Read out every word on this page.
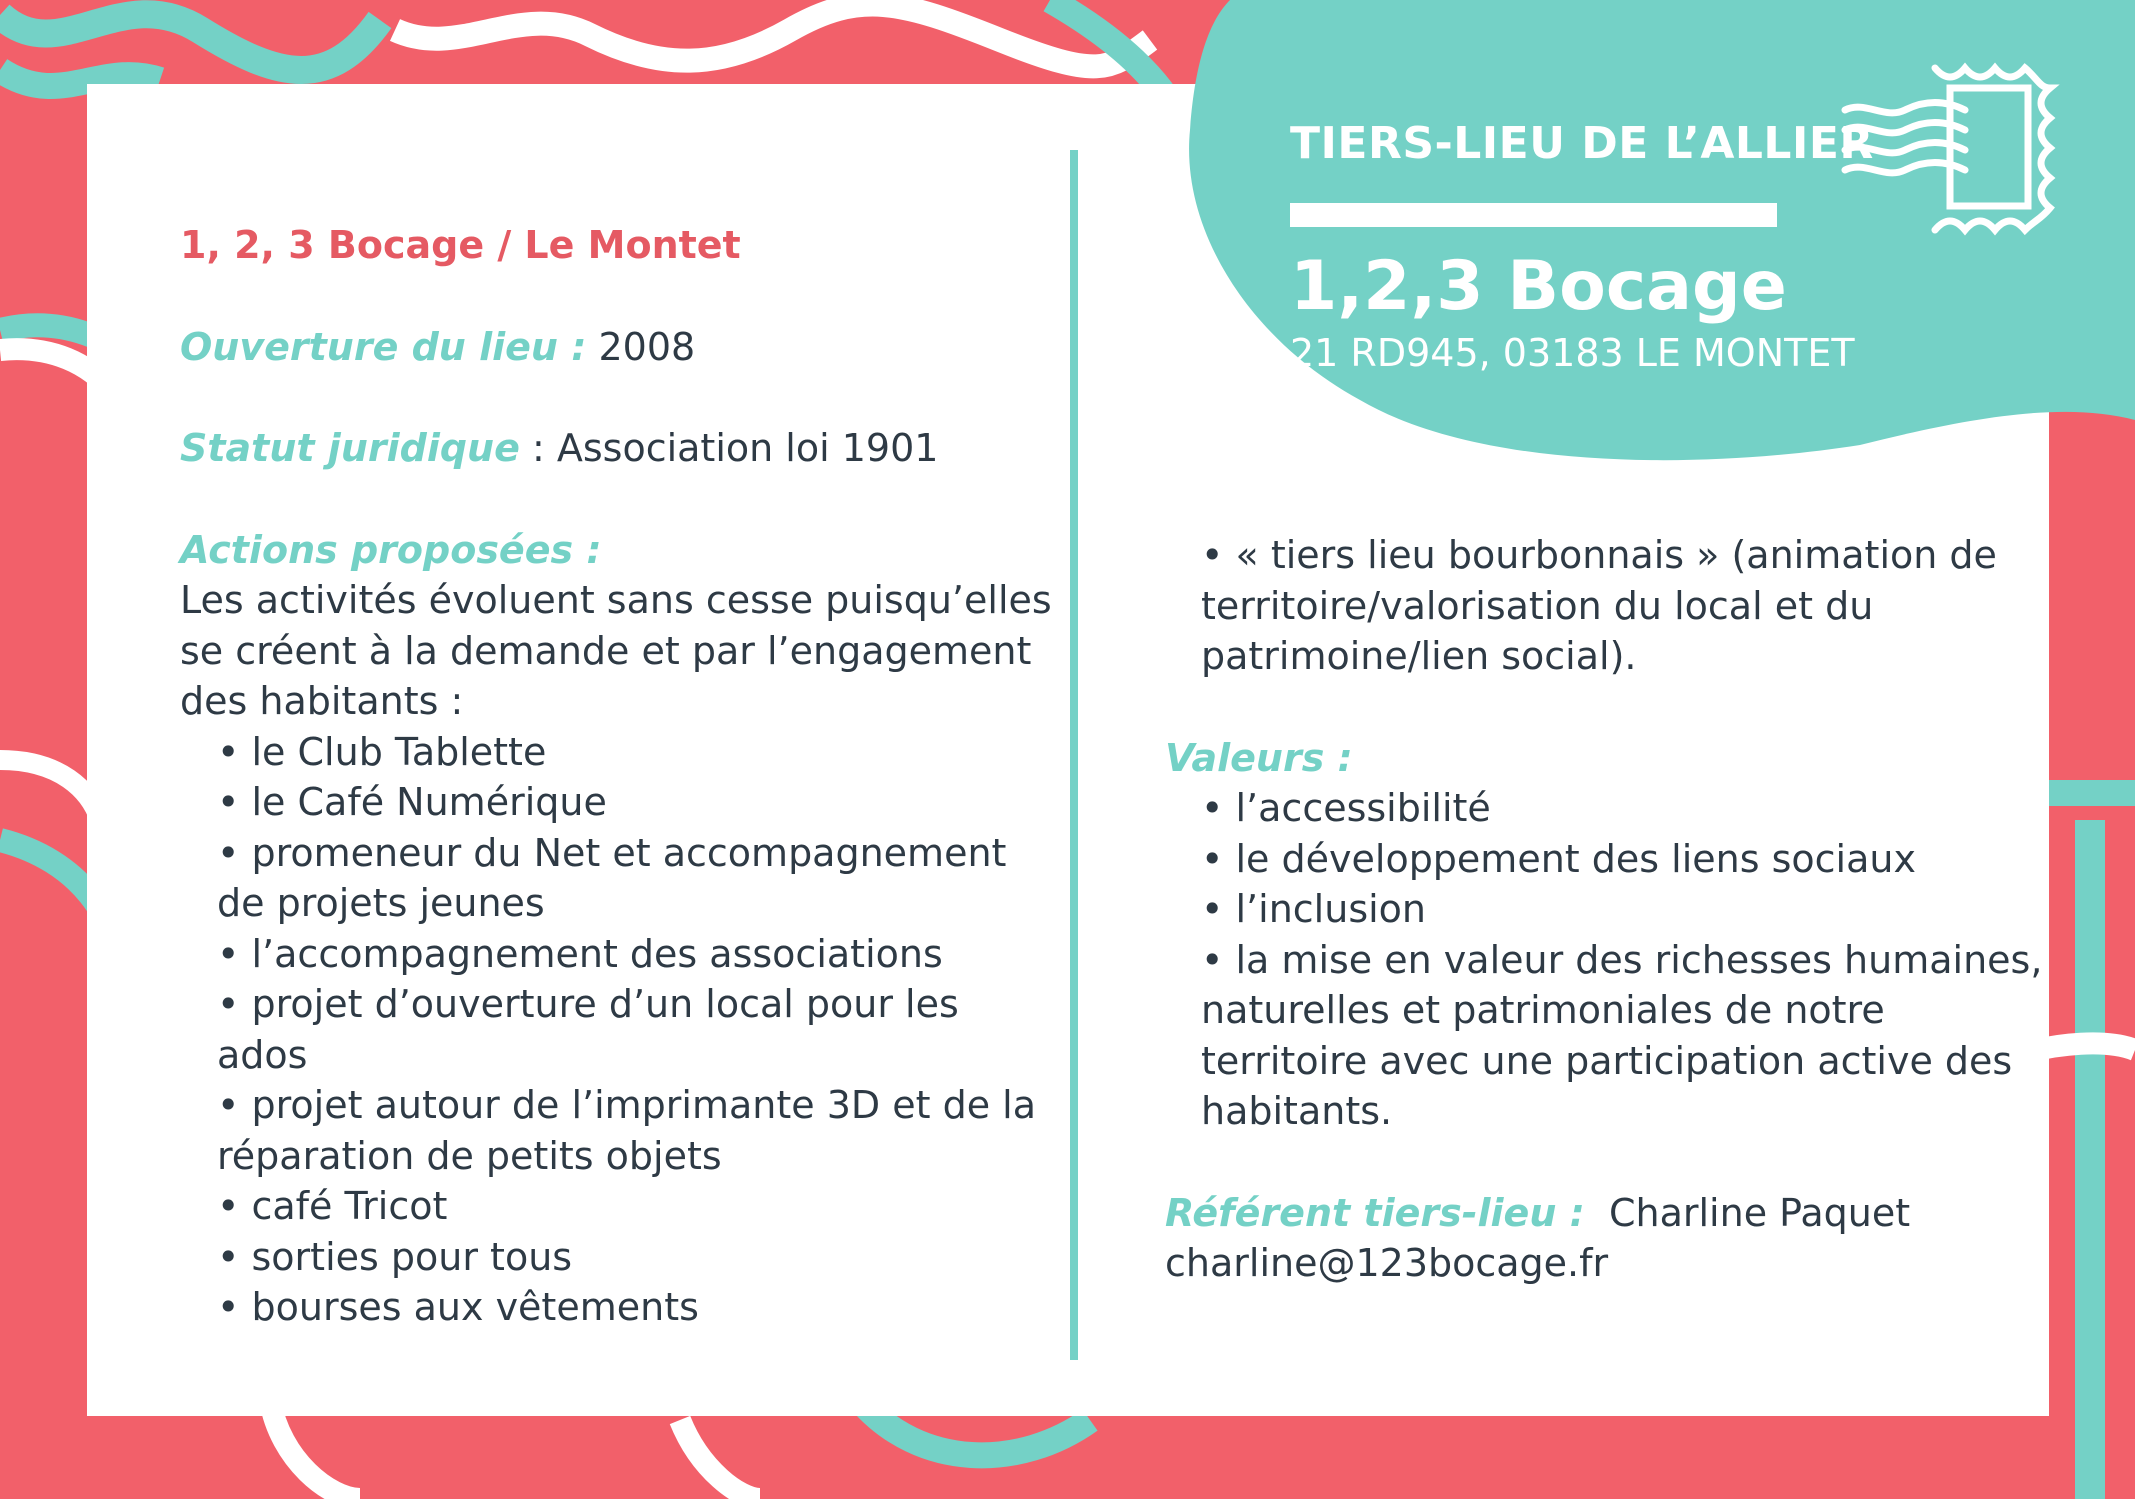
TIERS-LIEU DE L’ALLIER
1,2,3 Bocage
21 RD945, 03183 LE MONTET
1, 2, 3 Bocage / Le Montet
Ouverture du lieu : 2008
Statut juridique : Association loi 1901
Actions proposées :
Les activités évoluent sans cesse puisqu’elles
se créent à la demande et par l’engagement
des habitants :
• le Club Tablette
• le Café Numérique
• promeneur du Net et accompagnement
de projets jeunes
• l’accompagnement des associations
• projet d’ouverture d’un local pour les
ados
• projet autour de l’imprimante 3D et de la
réparation de petits objets
• café Tricot
• sorties pour tous
• bourses aux vêtements
• « tiers lieu bourbonnais » (animation de
territoire/valorisation du local et du
patrimoine/lien social).
Valeurs :
• l’accessibilité
• le développement des liens sociaux
• l’inclusion
• la mise en valeur des richesses humaines,
naturelles et patrimoniales de notre
territoire avec une participation active des
habitants.
Référent tiers-lieu :  Charline Paquet
charline@123bocage.fr
